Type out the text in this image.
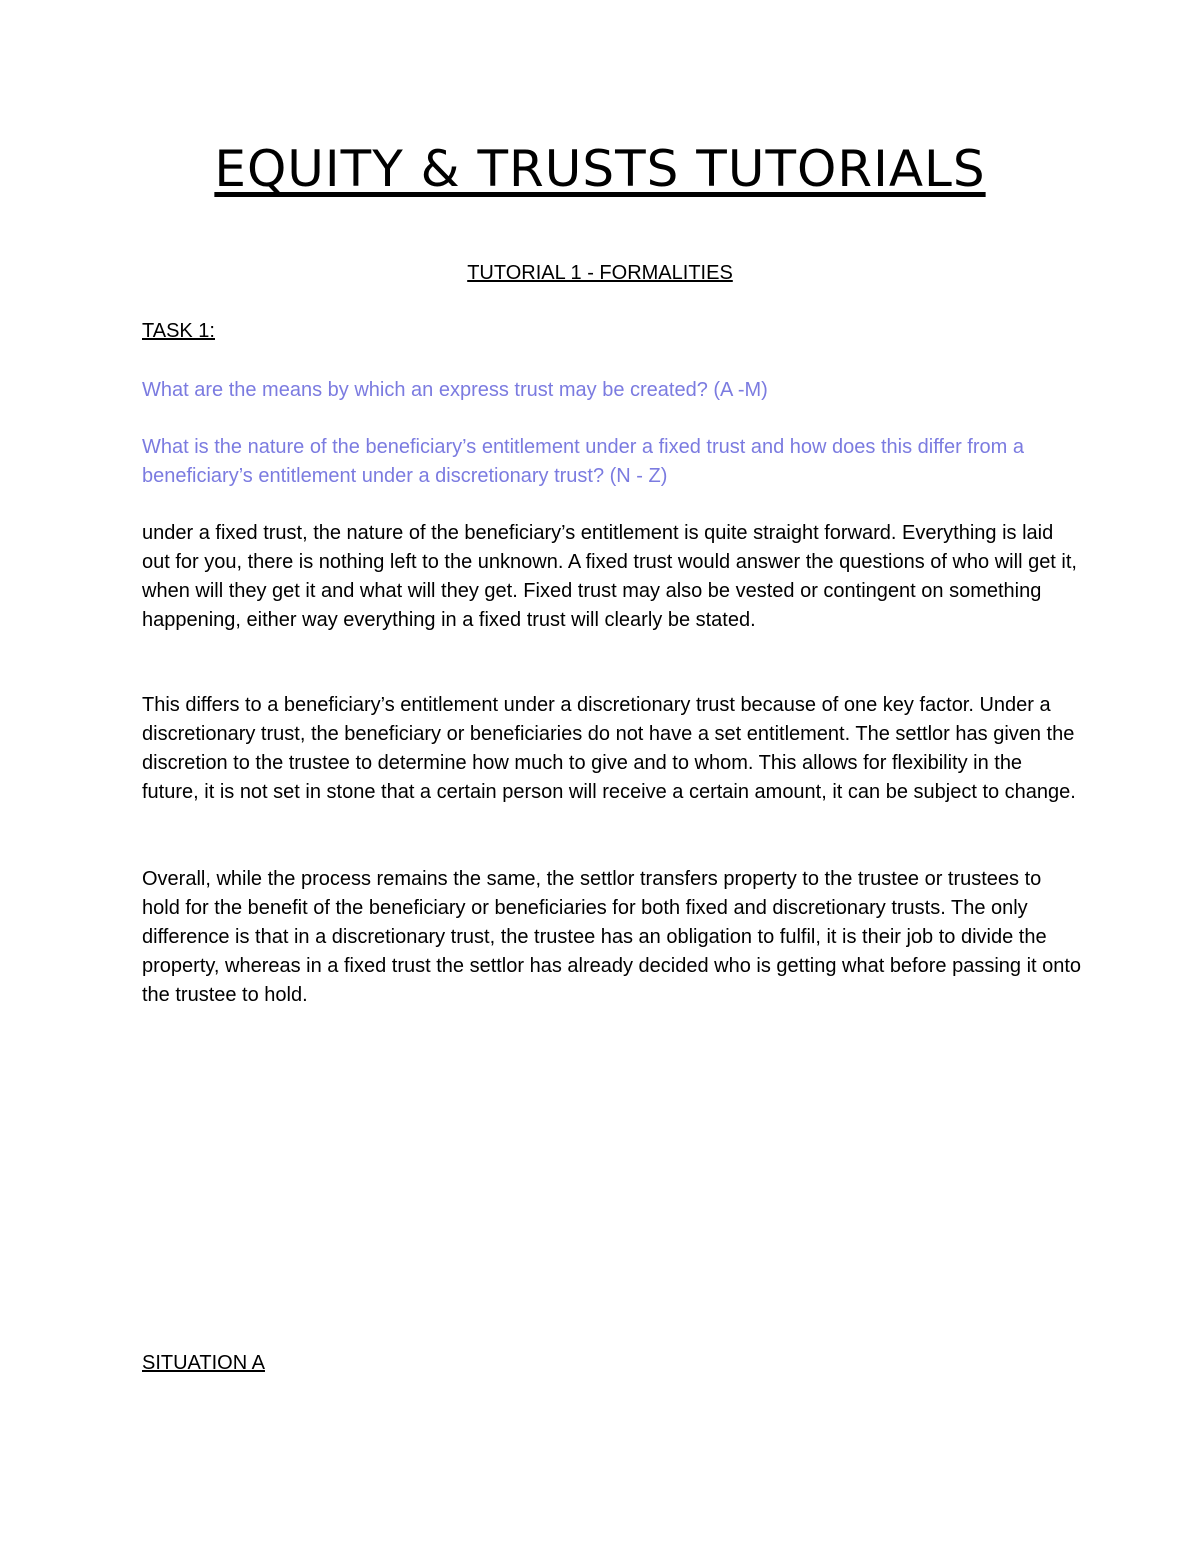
EQUITY & TRUSTS TUTORIALS
TUTORIAL 1 - FORMALITIES
TASK 1:
What are the means by which an express trust may be created? (A -M)
What is the nature of the beneficiary’s entitlement under a fixed trust and how does this differ from a beneficiary’s entitlement under a discretionary trust? (N - Z)
under a fixed trust, the nature of the beneficiary’s entitlement is quite straight forward. Everything is laid out for you, there is nothing left to the unknown. A fixed trust would answer the questions of who will get it, when will they get it and what will they get. Fixed trust may also be vested or contingent on something happening, either way everything in a fixed trust will clearly be stated.
This differs to a beneficiary’s entitlement under a discretionary trust because of one key factor. Under a discretionary trust, the beneficiary or beneficiaries do not have a set entitlement. The settlor has given the discretion to the trustee to determine how much to give and to whom. This allows for flexibility in the future, it is not set in stone that a certain person will receive a certain amount, it can be subject to change.
Overall, while the process remains the same, the settlor transfers property to the trustee or trustees to hold for the benefit of the beneficiary or beneficiaries for both fixed and discretionary trusts. The only difference is that in a discretionary trust, the trustee has an obligation to fulfil, it is their job to divide the property, whereas in a fixed trust the settlor has already decided who is getting what before passing it onto the trustee to hold.
SITUATION A
